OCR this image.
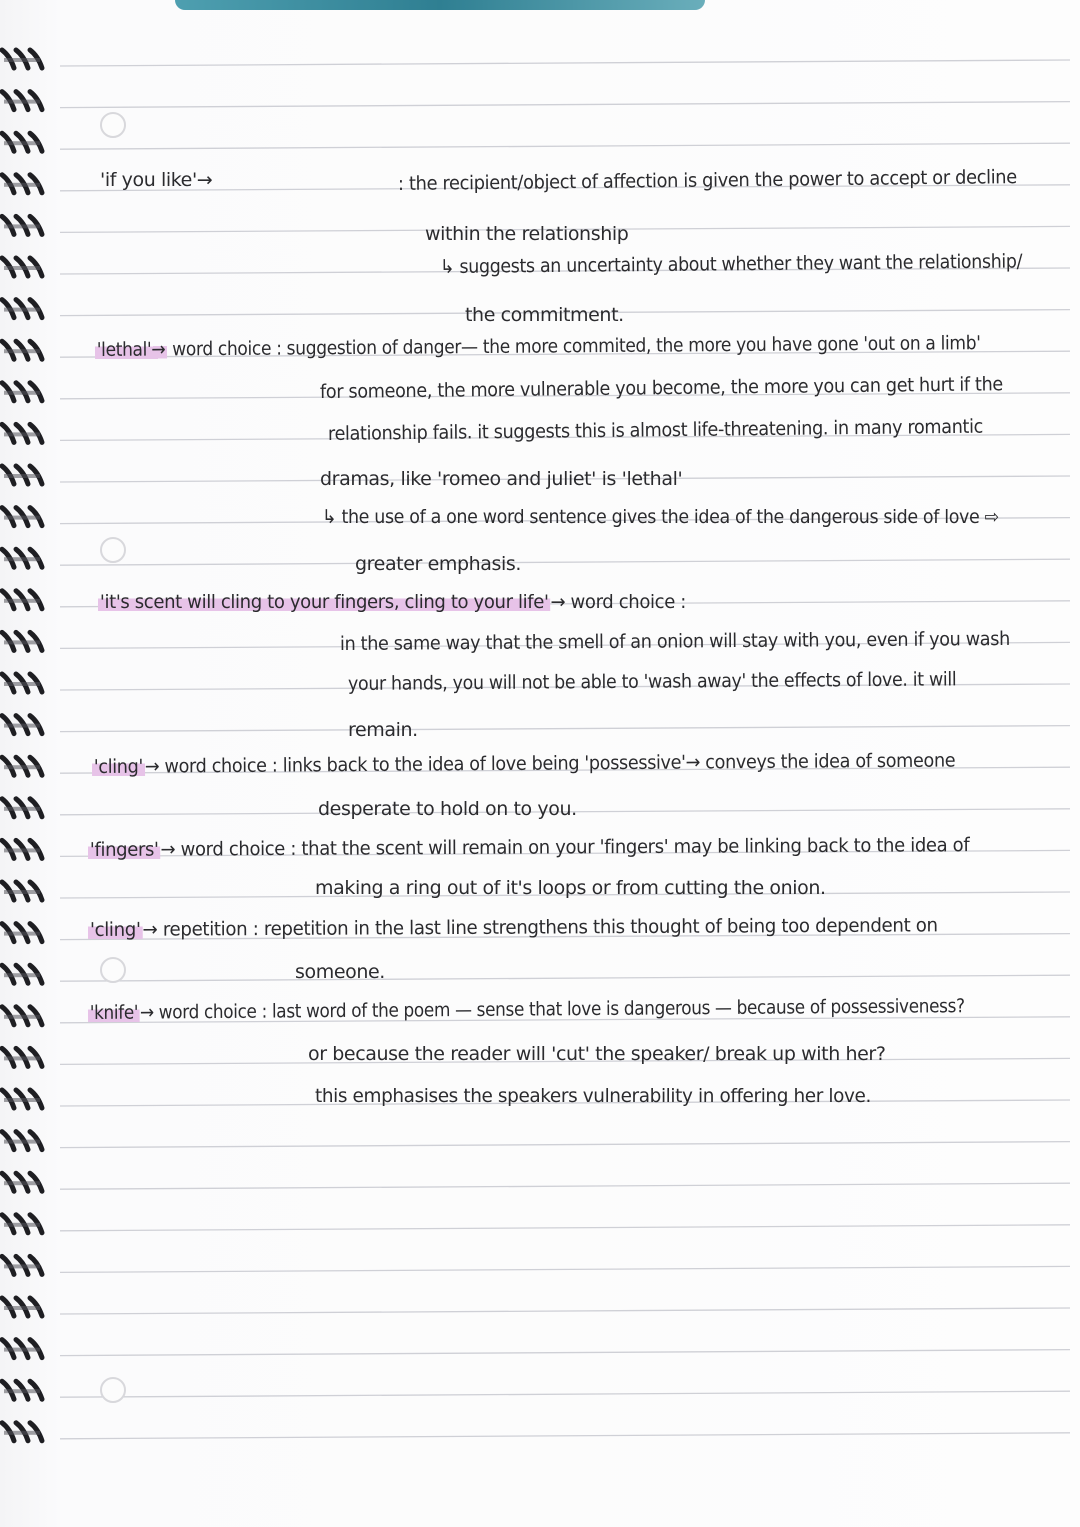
'if you like'→	: the recipient/object of affection is given the power to accept or decline
within the relationship
↳ suggests an uncertainty about whether they want the relationship/
the commitment.
'lethal'→ word choice : suggestion of danger— the more commited, the more you have gone 'out on a limb'
for someone, the more vulnerable you become, the more you can get hurt if the
relationship fails. it suggests this is almost life-threatening. in many romantic
dramas, like 'romeo and juliet' is 'lethal'
↳ the use of a one word sentence gives the idea of the dangerous side of love ⇨
greater emphasis.
'it's scent will cling to your fingers, cling to your life' → word choice :
in the same way that the smell of an onion will stay with you, even if you wash
your hands, you will not be able to 'wash away' the effects of love. it will
remain.
'cling'→ word choice : links back to the idea of love being 'possessive'→ conveys the idea of someone
desperate to hold on to you.
'fingers'→ word choice : that the scent will remain on your 'fingers' may be linking back to the idea of
making a ring out of it's loops or from cutting the onion.
'cling'→ repetition : repetition in the last line strengthens this thought of being too dependent on
someone.
'knife'→ word choice : last word of the poem — sense that love is dangerous — because of possessiveness?
or because the reader will 'cut' the speaker/ break up with her?
this emphasises the speakers vulnerability in offering her love.
